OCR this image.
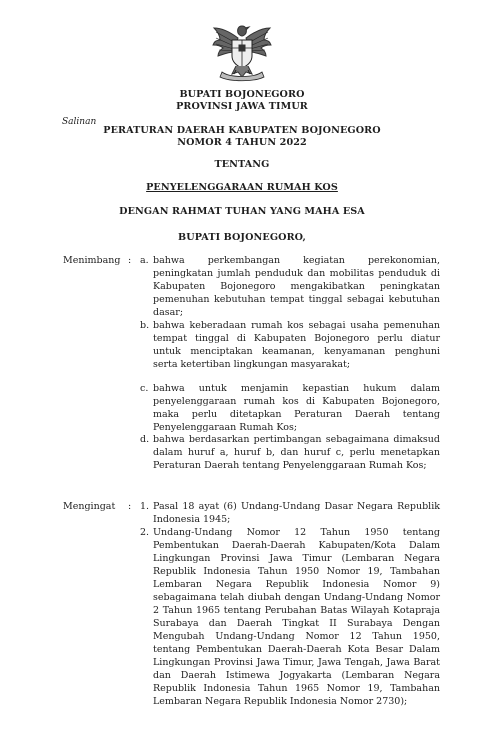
BUPATI BOJONEGORO
PROVINSI JAWA TIMUR
Salinan
PERATURAN DAERAH KABUPATEN BOJONEGORO
NOMOR 4 TAHUN 2022
TENTANG
PENYELENGGARAAN RUMAH KOS
DENGAN RAHMAT TUHAN YANG MAHA ESA
BUPATI BOJONEGORO,
Menimbang : a. bahwa perkembangan kegiatan perekonomian, peningkatan jumlah penduduk dan mobilitas penduduk di Kabupaten Bojonegoro mengakibatkan peningkatan pemenuhan kebutuhan tempat tinggal sebagai kebutuhan dasar;
b. bahwa keberadaan rumah kos sebagai usaha pemenuhan tempat tinggal di Kabupaten Bojonegoro perlu diatur untuk menciptakan keamanan, kenyamanan penghuni serta ketertiban lingkungan masyarakat;
c. bahwa untuk menjamin kepastian hukum dalam penyelenggaraan rumah kos di Kabupaten Bojonegoro, maka perlu ditetapkan Peraturan Daerah tentang Penyelenggaraan Rumah Kos;
d. bahwa berdasarkan pertimbangan sebagaimana dimaksud dalam huruf a, huruf b, dan huruf c, perlu menetapkan Peraturan Daerah tentang Penyelenggaraan Rumah Kos;
Mengingat : 1. Pasal 18 ayat (6) Undang-Undang Dasar Negara Republik Indonesia 1945;
2. Undang-Undang Nomor 12 Tahun 1950 tentang Pembentukan Daerah-Daerah Kabupaten/Kota Dalam Lingkungan Provinsi Jawa Timur (Lembaran Negara Republik Indonesia Tahun 1950 Nomor 19, Tambahan Lembaran Negara Republik Indonesia Nomor 9) sebagaimana telah diubah dengan Undang-Undang Nomor 2 Tahun 1965 tentang Perubahan Batas Wilayah Kotapraja Surabaya dan Daerah Tingkat II Surabaya Dengan Mengubah Undang-Undang Nomor 12 Tahun 1950, tentang Pembentukan Daerah-Daerah Kota Besar Dalam Lingkungan Provinsi Jawa Timur, Jawa Tengah, Jawa Barat dan Daerah Istimewa Jogyakarta (Lembaran Negara Republik Indonesia Tahun 1965 Nomor 19, Tambahan Lembaran Negara Republik Indonesia Nomor 2730);
